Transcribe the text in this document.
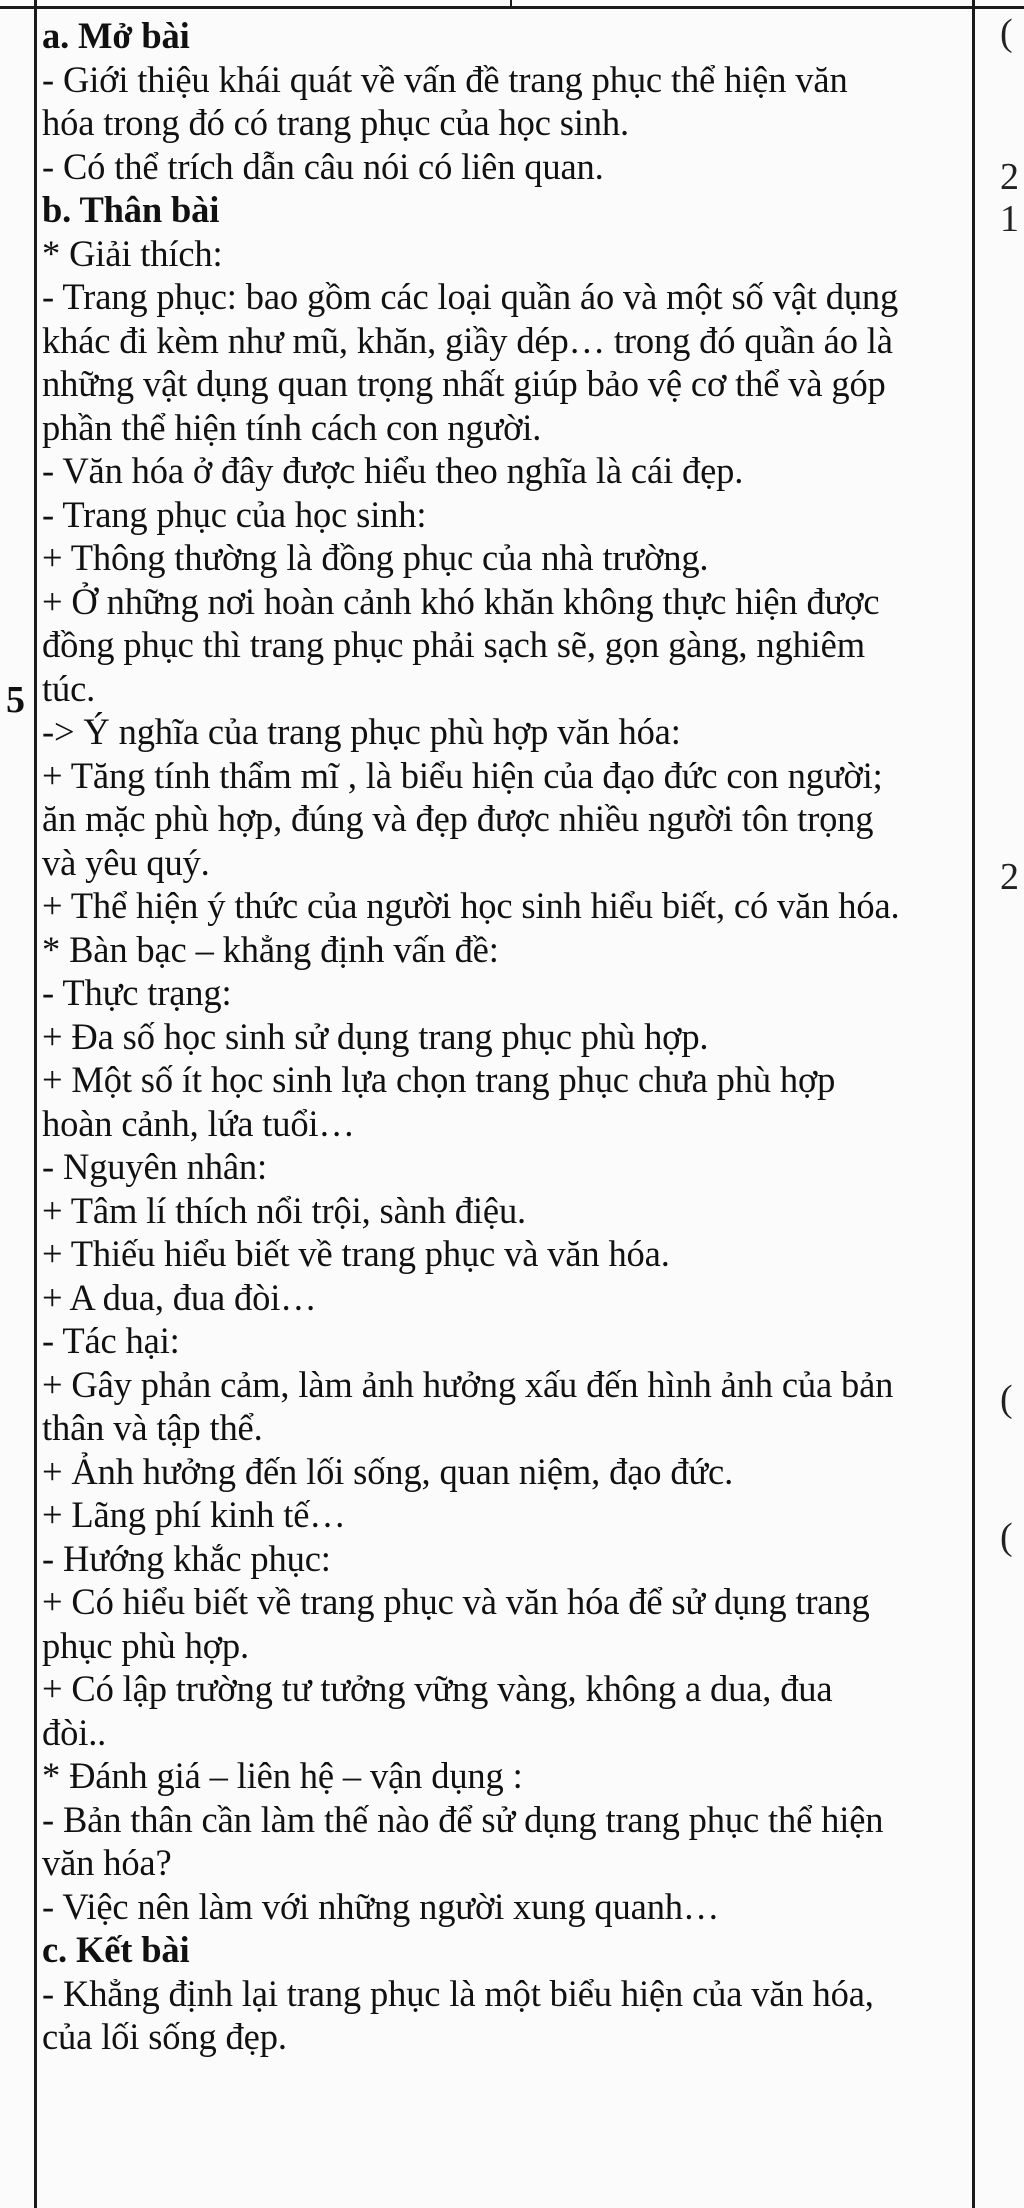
5
(
2
1
2
(
(
a. Mở bài
- Giới thiệu khái quát về vấn đề trang phục thể hiện văn
hóa trong đó có trang phục của học sinh.
- Có thể trích dẫn câu nói có liên quan.
b. Thân bài
* Giải thích:
- Trang phục: bao gồm các loại quần áo và một số vật dụng
khác đi kèm như mũ, khăn, giầy dép… trong đó quần áo là
những vật dụng quan trọng nhất giúp bảo vệ cơ thể và góp
phần thể hiện tính cách con người.
- Văn hóa ở đây được hiểu theo nghĩa là cái đẹp.
- Trang phục của học sinh:
+ Thông thường là đồng phục của nhà trường.
+ Ở những nơi hoàn cảnh khó khăn không thực hiện được
đồng phục thì trang phục phải sạch sẽ, gọn gàng, nghiêm
túc.
-> Ý nghĩa của trang phục phù hợp văn hóa:
+ Tăng tính thẩm mĩ , là biểu hiện của đạo đức con người;
ăn mặc phù hợp, đúng và đẹp được nhiều người tôn trọng
và yêu quý.
+ Thể hiện ý thức của người học sinh hiểu biết, có văn hóa.
* Bàn bạc – khẳng định vấn đề:
- Thực trạng:
+ Đa số học sinh sử dụng trang phục phù hợp.
+ Một số ít học sinh lựa chọn trang phục chưa phù hợp
hoàn cảnh, lứa tuổi…
- Nguyên nhân:
+ Tâm lí thích nổi trội, sành điệu.
+ Thiếu hiểu biết về trang phục và văn hóa.
+ A dua, đua đòi…
- Tác hại:
+ Gây phản cảm, làm ảnh hưởng xấu đến hình ảnh của bản
thân và tập thể.
+ Ảnh hưởng đến lối sống, quan niệm, đạo đức.
+ Lãng phí kinh tế…
- Hướng khắc phục:
+ Có hiểu biết về trang phục và văn hóa để sử dụng trang
phục phù hợp.
+ Có lập trường tư tưởng vững vàng, không a dua, đua
đòi..
* Đánh giá – liên hệ – vận dụng :
- Bản thân cần làm thế nào để sử dụng trang phục thể hiện
văn hóa?
- Việc nên làm với những người xung quanh…
c. Kết bài
- Khẳng định lại trang phục là một biểu hiện của văn hóa,
của lối sống đẹp.
